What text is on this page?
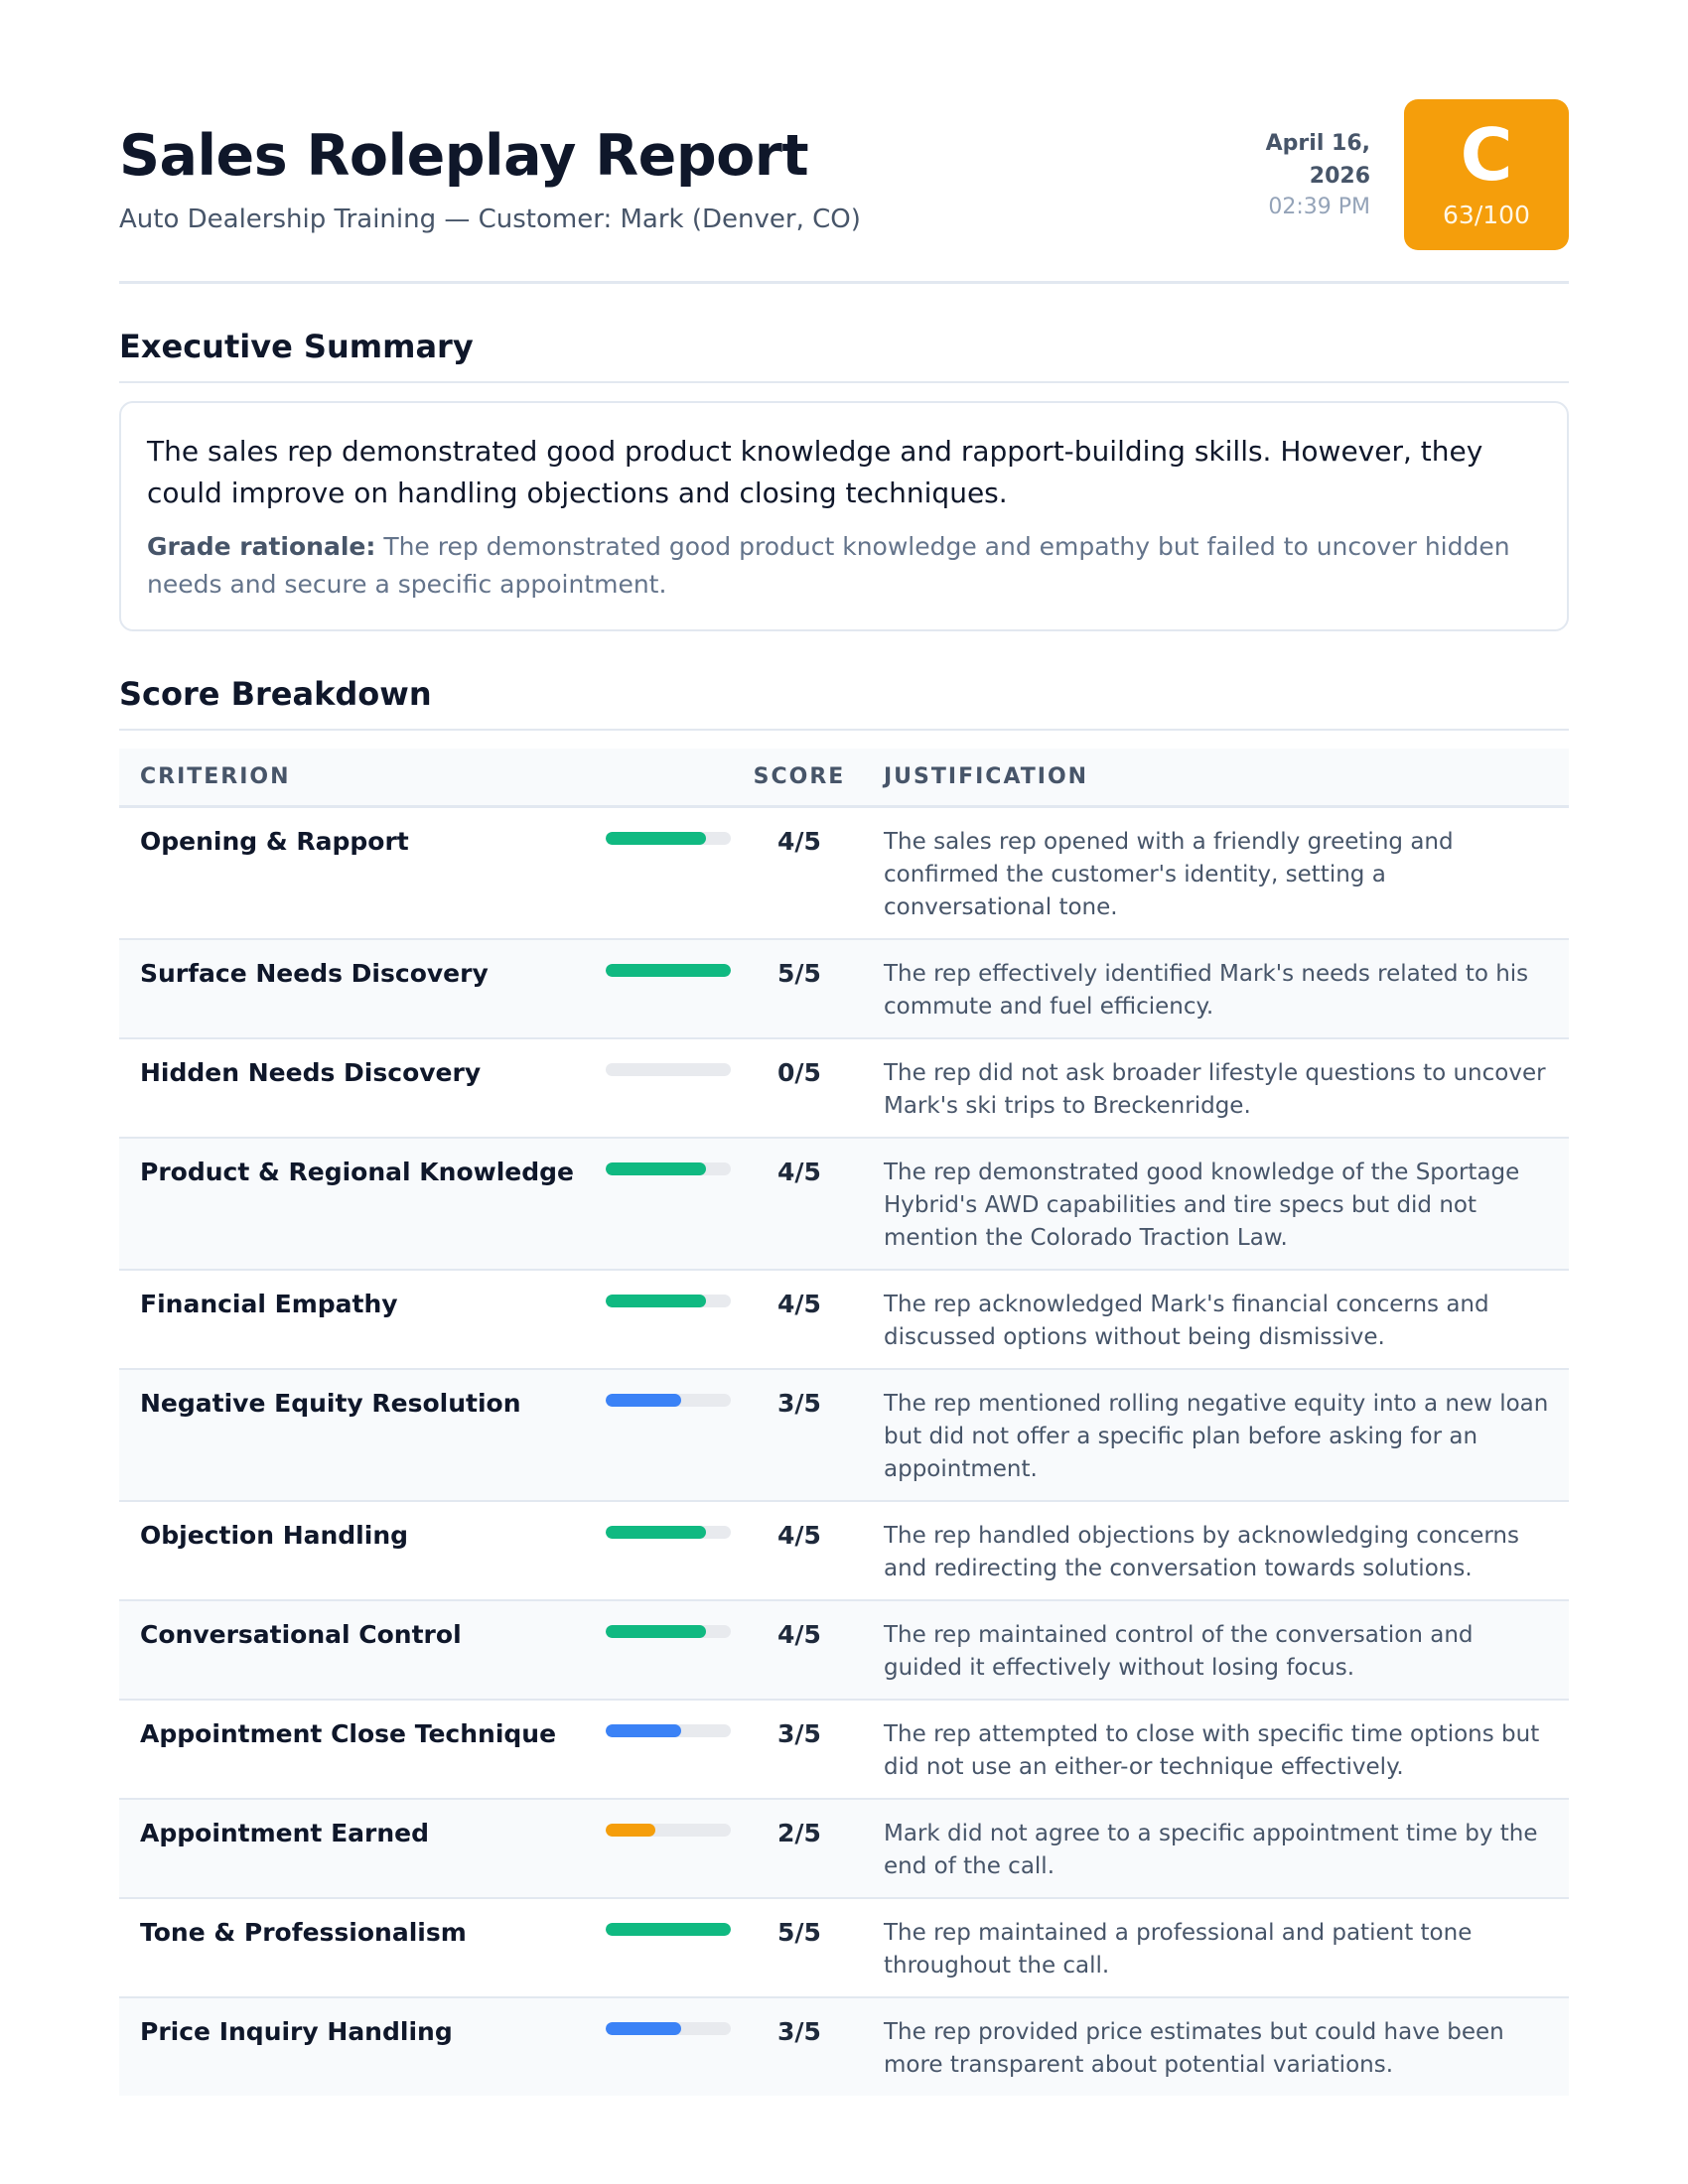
Sales Roleplay Report
Auto Dealership Training — Customer: Mark (Denver, CO)
April 16, 2026
02:39 PM
C
63/100
Executive Summary
The sales rep demonstrated good product knowledge and rapport-building skills. However, they could improve on handling objections and closing techniques.
Grade rationale: The rep demonstrated good product knowledge and empathy but failed to uncover hidden needs and secure a specific appointment.
Score Breakdown
CRITERION	SCORE	JUSTIFICATION
Opening & Rapport	4/5	The sales rep opened with a friendly greeting and confirmed the customer's identity, setting a conversational tone.
Surface Needs Discovery	5/5	The rep effectively identified Mark's needs related to his commute and fuel efficiency.
Hidden Needs Discovery	0/5	The rep did not ask broader lifestyle questions to uncover Mark's ski trips to Breckenridge.
Product & Regional Knowledge	4/5	The rep demonstrated good knowledge of the Sportage Hybrid's AWD capabilities and tire specs but did not mention the Colorado Traction Law.
Financial Empathy	4/5	The rep acknowledged Mark's financial concerns and discussed options without being dismissive.
Negative Equity Resolution	3/5	The rep mentioned rolling negative equity into a new loan but did not offer a specific plan before asking for an appointment.
Objection Handling	4/5	The rep handled objections by acknowledging concerns and redirecting the conversation towards solutions.
Conversational Control	4/5	The rep maintained control of the conversation and guided it effectively without losing focus.
Appointment Close Technique	3/5	The rep attempted to close with specific time options but did not use an either-or technique effectively.
Appointment Earned	2/5	Mark did not agree to a specific appointment time by the end of the call.
Tone & Professionalism	5/5	The rep maintained a professional and patient tone throughout the call.
Price Inquiry Handling	3/5	The rep provided price estimates but could have been more transparent about potential variations.
